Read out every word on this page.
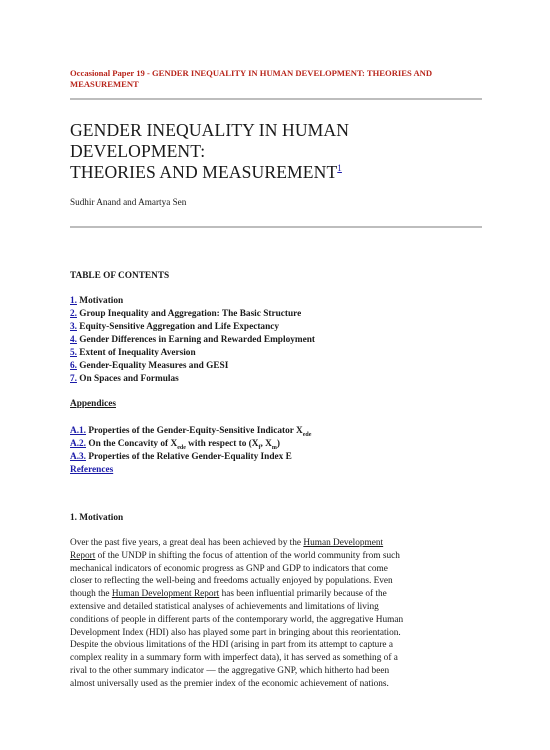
Occasional Paper 19 - GENDER INEQUALITY IN HUMAN DEVELOPMENT: THEORIES AND
MEASUREMENT

GENDER INEQUALITY IN HUMAN DEVELOPMENT:
THEORIES AND MEASUREMENT$^1$

Sudhir Anand and Amartya Sen

TABLE OF CONTENTS

1. Motivation
2. Group Inequality and Aggregation: The Basic Structure
3. Equity-Sensitive Aggregation and Life Expectancy
4. Gender Differences in Earning and Rewarded Employment
5. Extent of Inequality Aversion
6. Gender-Equality Measures and GESI
7. On Spaces and Formulas

Appendices

A.1. Properties of the Gender-Equity-Sensitive Indicator $X_{ede}$
A.2. On the Concavity of $X_{ede}$ with respect to ($X_f$, $X_m$)
A.3. Properties of the Relative Gender-Equality Index E
References

1. Motivation

Over the past five years, a great deal has been achieved by the Human Development
Report of the UNDP in shifting the focus of attention of the world community from such
mechanical indicators of economic progress as GNP and GDP to indicators that come
closer to reflecting the well-being and freedoms actually enjoyed by populations. Even
though the Human Development Report has been influential primarily because of the
extensive and detailed statistical analyses of achievements and limitations of living
conditions of people in different parts of the contemporary world, the aggregative Human
Development Index (HDI) also has played some part in bringing about this reorientation.
Despite the obvious limitations of the HDI (arising in part from its attempt to capture a
complex reality in a summary form with imperfect data), it has served as something of a
rival to the other summary indicator — the aggregative GNP, which hitherto had been
almost universally used as the premier index of the economic achievement of nations.
